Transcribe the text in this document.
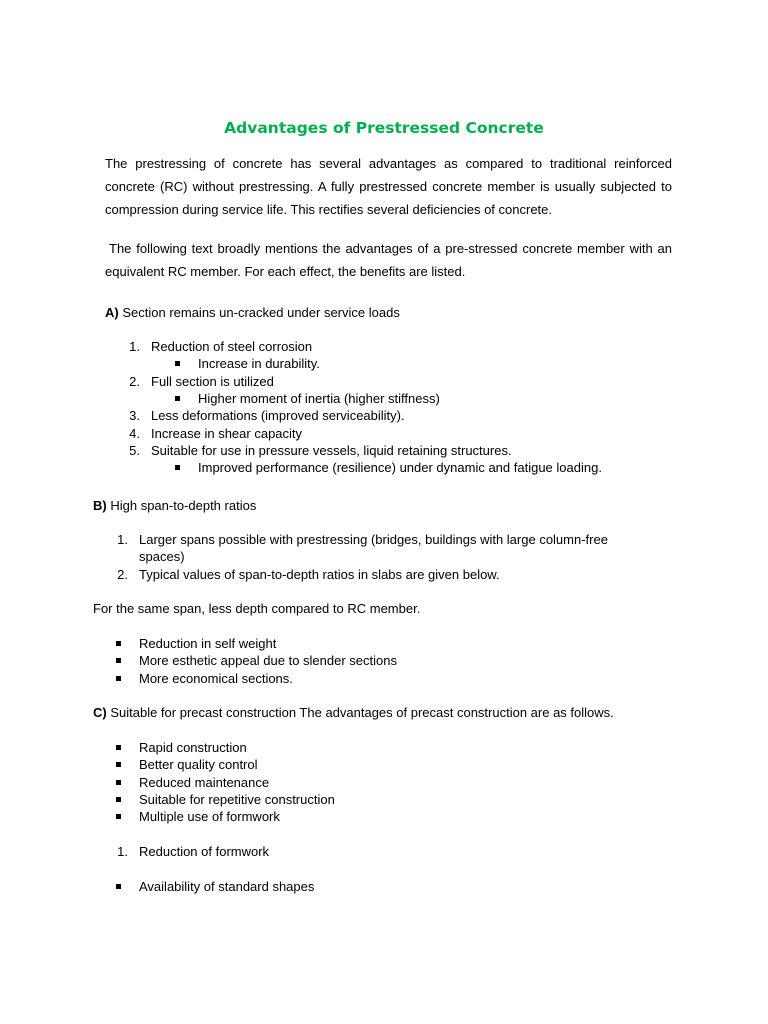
Advantages of Prestressed Concrete
The prestressing of concrete has several advantages as compared to traditional reinforced concrete (RC) without prestressing. A fully prestressed concrete member is usually subjected to compression during service life. This rectifies several deficiencies of concrete.
The following text broadly mentions the advantages of a pre-stressed concrete member with an equivalent RC member. For each effect, the benefits are listed.
A) Section remains un-cracked under service loads
1. Reduction of steel corrosion
Increase in durability.
2. Full section is utilized
Higher moment of inertia (higher stiffness)
3. Less deformations (improved serviceability).
4. Increase in shear capacity
5. Suitable for use in pressure vessels, liquid retaining structures.
Improved performance (resilience) under dynamic and fatigue loading.
B) High span-to-depth ratios
1. Larger spans possible with prestressing (bridges, buildings with large column-free
spaces)
2. Typical values of span-to-depth ratios in slabs are given below.
For the same span, less depth compared to RC member.
Reduction in self weight
More esthetic appeal due to slender sections
More economical sections.
C) Suitable for precast construction The advantages of precast construction are as follows.
Rapid construction
Better quality control
Reduced maintenance
Suitable for repetitive construction
Multiple use of formwork
1. Reduction of formwork
Availability of standard shapes
